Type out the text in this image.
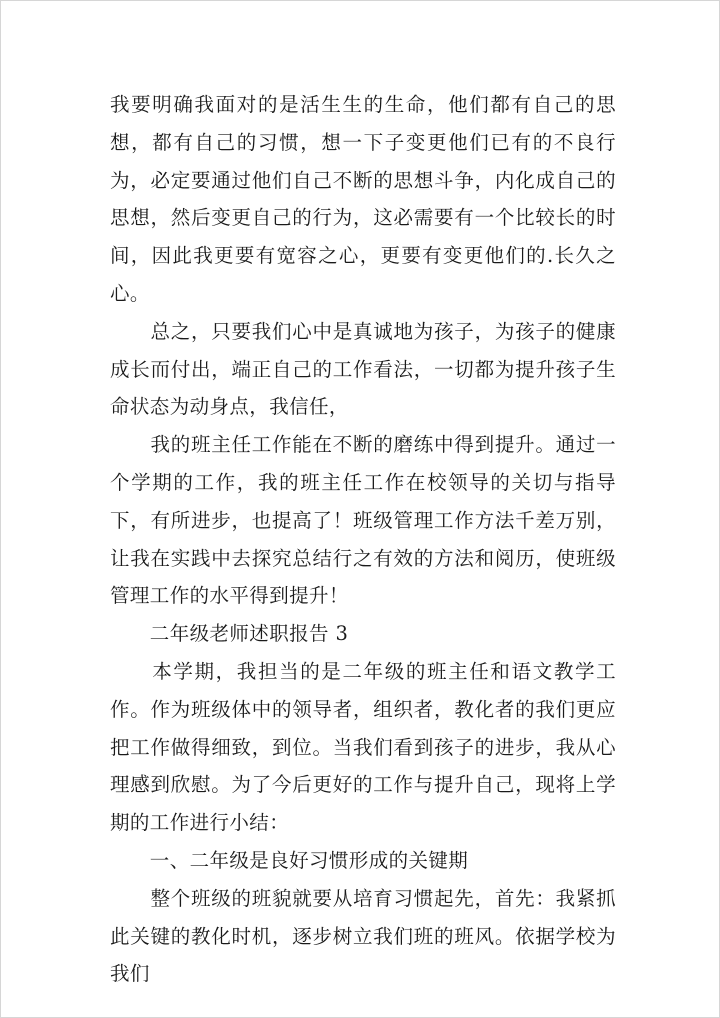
我要明确我面对的是活生生的生命，他们都有自己的思想，都有自己的习惯，想一下子变更他们已有的不良行为，必定要通过他们自己不断的思想斗争，内化成自己的思想，然后变更自己的行为，这必需要有一个比较长的时间，因此我更要有宽容之心，更要有变更他们的.长久之心。

　　总之，只要我们心中是真诚地为孩子，为孩子的健康成长而付出，端正自己的工作看法，一切都为提升孩子生命状态为动身点，我信任，

　　我的班主任工作能在不断的磨练中得到提升。通过一个学期的工作，我的班主任工作在校领导的关切与指导下，有所进步，也提高了！班级管理工作方法千差万别，让我在实践中去探究总结行之有效的方法和阅历，使班级管理工作的水平得到提升！

　　二年级老师述职报告 3

　　本学期，我担当的是二年级的班主任和语文教学工作。作为班级体中的领导者，组织者，教化者的我们更应把工作做得细致，到位。当我们看到孩子的进步，我从心理感到欣慰。为了今后更好的工作与提升自己，现将上学期的工作进行小结：

　　一、二年级是良好习惯形成的关键期

　　整个班级的班貌就要从培育习惯起先，首先：我紧抓此关键的教化时机，逐步树立我们班的班风。依据学校为我们
